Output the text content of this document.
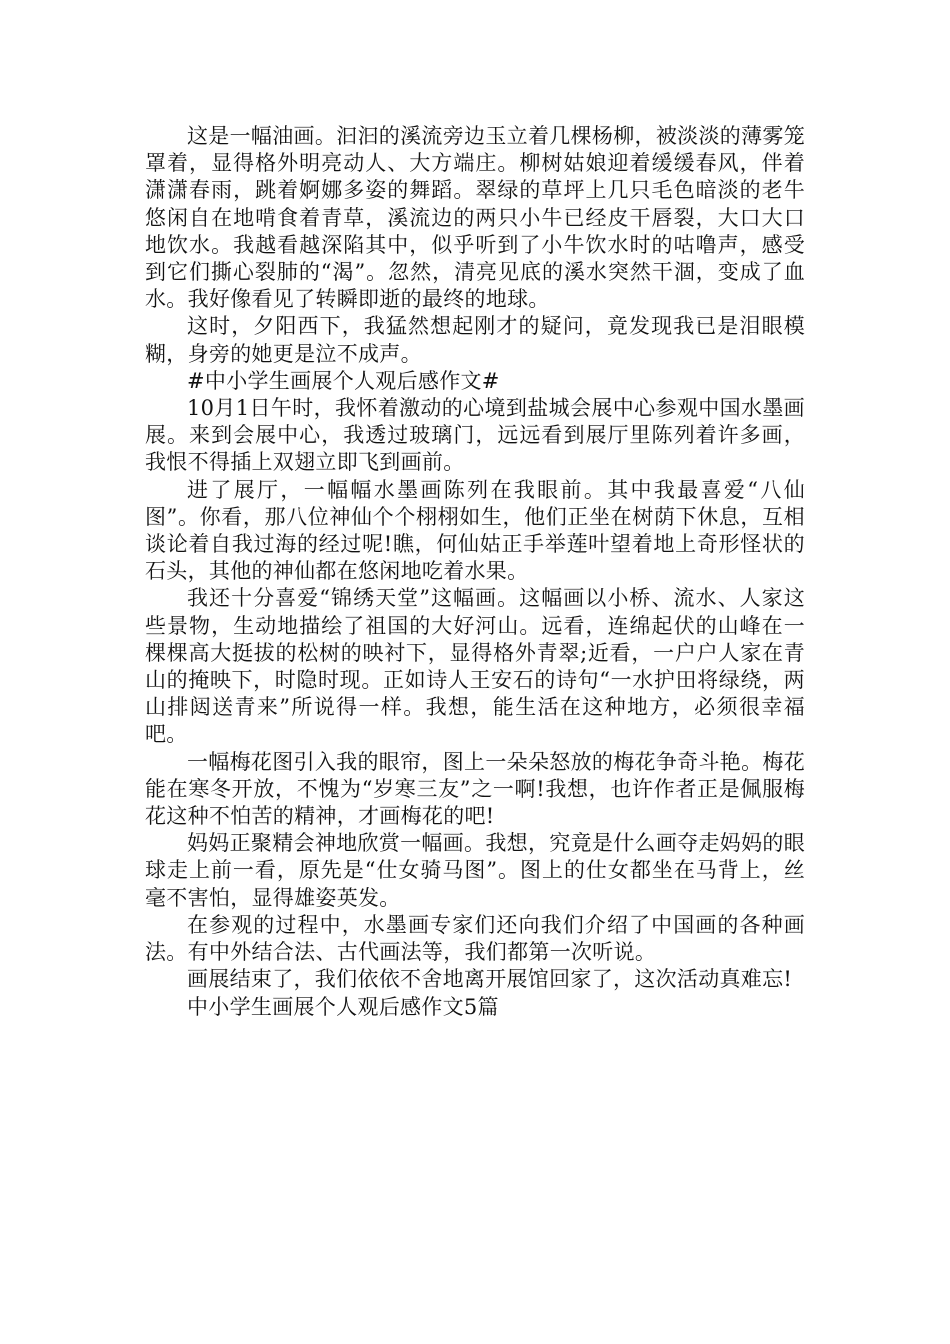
这是一幅油画。汩汩的溪流旁边玉立着几棵杨柳，被淡淡的薄雾笼罩着，显得格外明亮动人、大方端庄。柳树姑娘迎着缓缓春风，伴着潇潇春雨，跳着婀娜多姿的舞蹈。翠绿的草坪上几只毛色暗淡的老牛悠闲自在地啃食着青草，溪流边的两只小牛已经皮干唇裂，大口大口地饮水。我越看越深陷其中，似乎听到了小牛饮水时的咕噜声，感受到它们撕心裂肺的“渴”。忽然，清亮见底的溪水突然干涸，变成了血水。我好像看见了转瞬即逝的最终的地球。

这时，夕阳西下，我猛然想起刚才的疑问，竟发现我已是泪眼模糊，身旁的她更是泣不成声。

#中小学生画展个人观后感作文#

10月1日午时，我怀着激动的心境到盐城会展中心参观中国水墨画展。来到会展中心，我透过玻璃门，远远看到展厅里陈列着许多画，我恨不得插上双翅立即飞到画前。

进了展厅，一幅幅水墨画陈列在我眼前。其中我最喜爱“八仙图”。你看，那八位神仙个个栩栩如生，他们正坐在树荫下休息，互相谈论着自我过海的经过呢!瞧，何仙姑正手举莲叶望着地上奇形怪状的石头，其他的神仙都在悠闲地吃着水果。

我还十分喜爱“锦绣天堂”这幅画。这幅画以小桥、流水、人家这些景物，生动地描绘了祖国的大好河山。远看，连绵起伏的山峰在一棵棵高大挺拔的松树的映衬下，显得格外青翠;近看，一户户人家在青山的掩映下，时隐时现。正如诗人王安石的诗句“一水护田将绿绕，两山排闼送青来”所说得一样。我想，能生活在这种地方，必须很幸福吧。

一幅梅花图引入我的眼帘，图上一朵朵怒放的梅花争奇斗艳。梅花能在寒冬开放，不愧为“岁寒三友”之一啊!我想，也许作者正是佩服梅花这种不怕苦的精神，才画梅花的吧!

妈妈正聚精会神地欣赏一幅画。我想，究竟是什么画夺走妈妈的眼球走上前一看，原先是“仕女骑马图”。图上的仕女都坐在马背上，丝毫不害怕，显得雄姿英发。

在参观的过程中，水墨画专家们还向我们介绍了中国画的各种画法。有中外结合法、古代画法等，我们都第一次听说。

画展结束了，我们依依不舍地离开展馆回家了，这次活动真难忘!

中小学生画展个人观后感作文5篇
